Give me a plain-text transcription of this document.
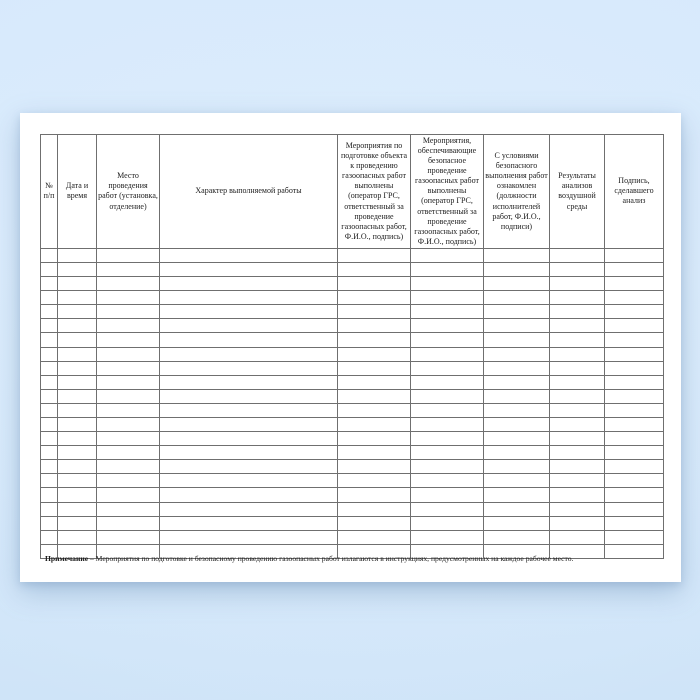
№ п/п	Дата и время	Место проведения работ (установка, отделение)	Характер выполняемой работы	Мероприятия по подготовке объекта к проведению газоопасных работ выполнены (оператор ГРС, ответственный за проведение газоопасных работ, Ф.И.О., подпись)	Мероприятия, обеспечивающие безопасное проведение газоопасных работ выполнены (оператор ГРС, ответственный за проведение газоопасных работ, Ф.И.О., подпись)	С условиями безопасного выполнения работ ознакомлен (должности исполнителей работ, Ф.И.О., подписи)	Результаты анализов воздушной среды	Подпись, сделавшего анализ

Примечание – Мероприятия по подготовке и безопасному проведению газоопасных работ излагаются в инструкциях, предусмотренных на каждое рабочее место.
